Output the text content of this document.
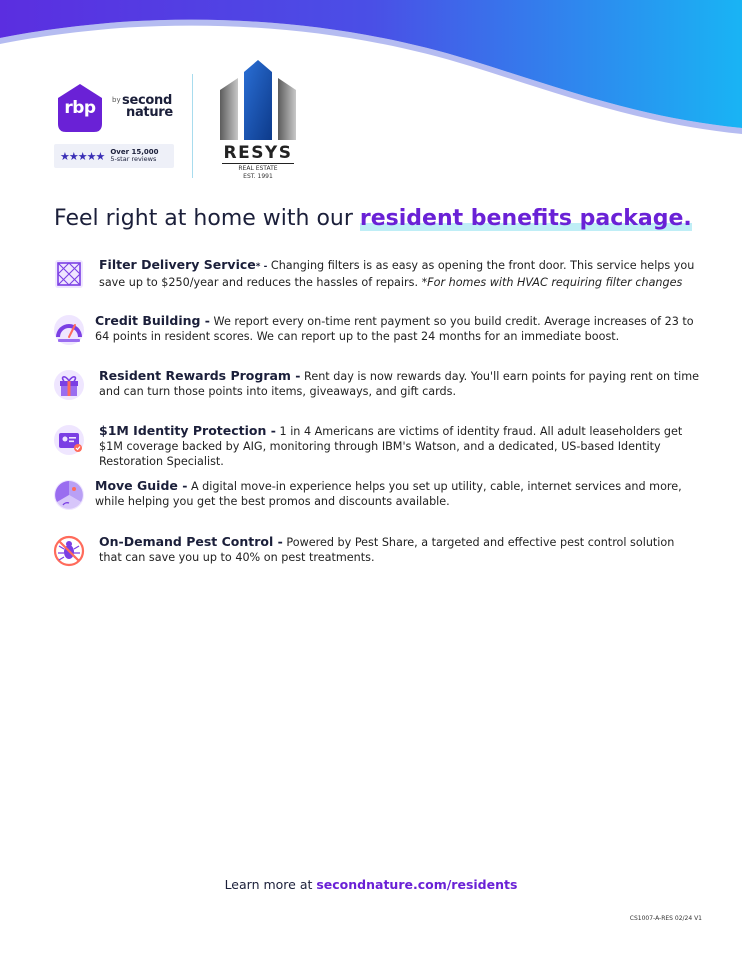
rbp	by second
nature
★★★★★ Over 15,000
5-star reviews	RESYS
REAL ESTATE
EST. 1991
Feel right at home with our resident benefits package.
Filter Delivery Service* - Changing filters is as easy as opening the front door. This service helps you save up to $250/year and reduces the hassles of repairs. *For homes with HVAC requiring filter changes
Credit Building - We report every on-time rent payment so you build credit. Average increases of 23 to 64 points in resident scores. We can report up to the past 24 months for an immediate boost.
Resident Rewards Program - Rent day is now rewards day. You'll earn points for paying rent on time and can turn those points into items, giveaways, and gift cards.
$1M Identity Protection - 1 in 4 Americans are victims of identity fraud. All adult leaseholders get $1M coverage backed by AIG, monitoring through IBM's Watson, and a dedicated, US-based Identity Restoration Specialist.
Move Guide - A digital move-in experience helps you set up utility, cable, internet services and more, while helping you get the best promos and discounts available.
On-Demand Pest Control - Powered by Pest Share, a targeted and effective pest control solution that can save you up to 40% on pest treatments.
Learn more at secondnature.com/residents
CS1007-A-RES 02/24 V1
